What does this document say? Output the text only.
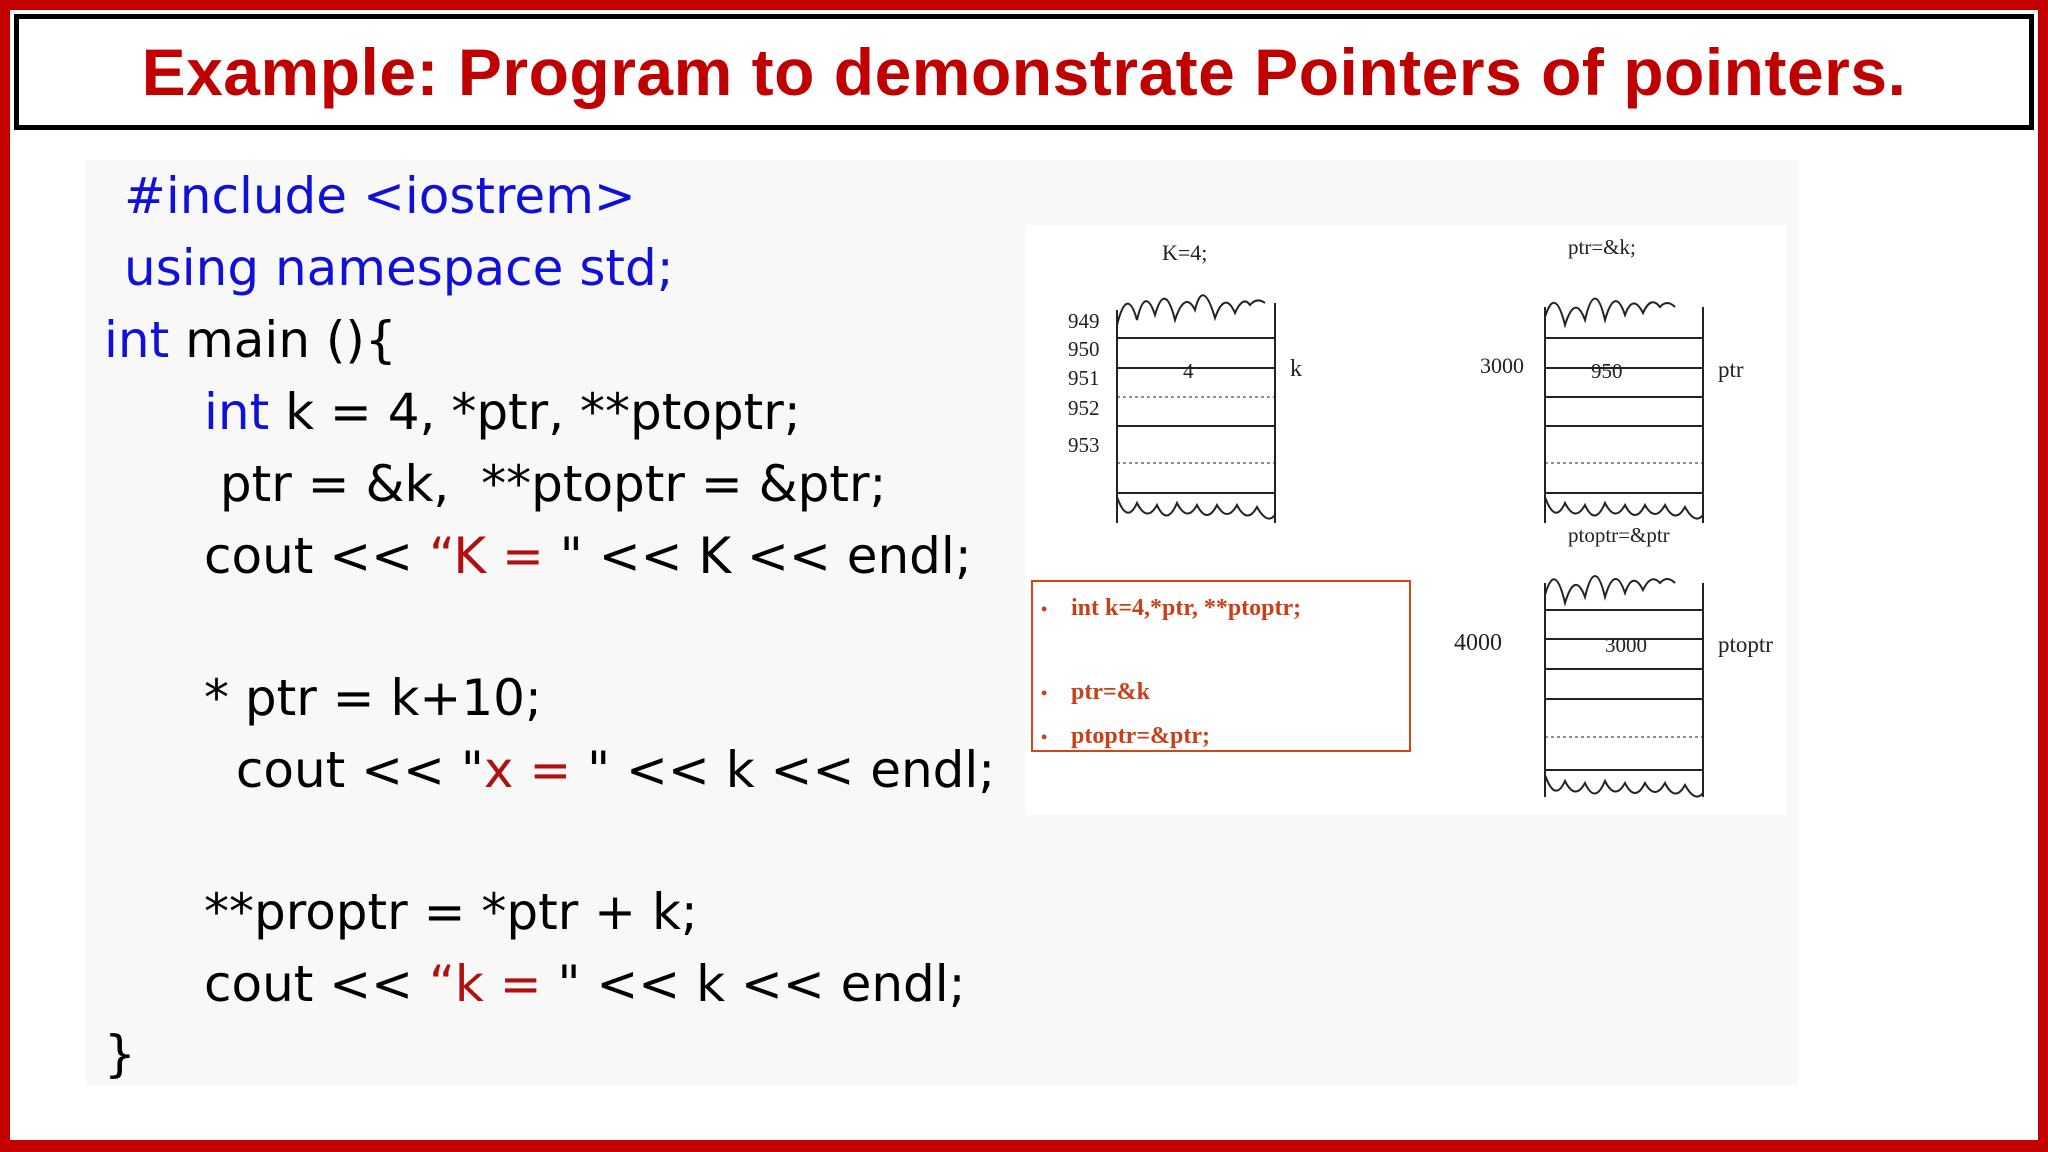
Example: Program to demonstrate Pointers of pointers.
#include <iostrem>
using namespace std;
int main (){
int k = 4, *ptr, **ptoptr;
ptr = &k,  **ptoptr = &ptr;
cout << “K = " << K << endl;
* ptr = k+10;
cout << "x = " << k << endl;
**proptr = *ptr + k;
cout << “k = " << k << endl;
}
K=4;
949
950
951
952
953
4	k
ptr=&k;
3000	950	ptr
ptoptr=&ptr
4000	3000	ptoptr
• int k=4,*ptr, **ptoptr;
• ptr=&k
• ptoptr=&ptr;
